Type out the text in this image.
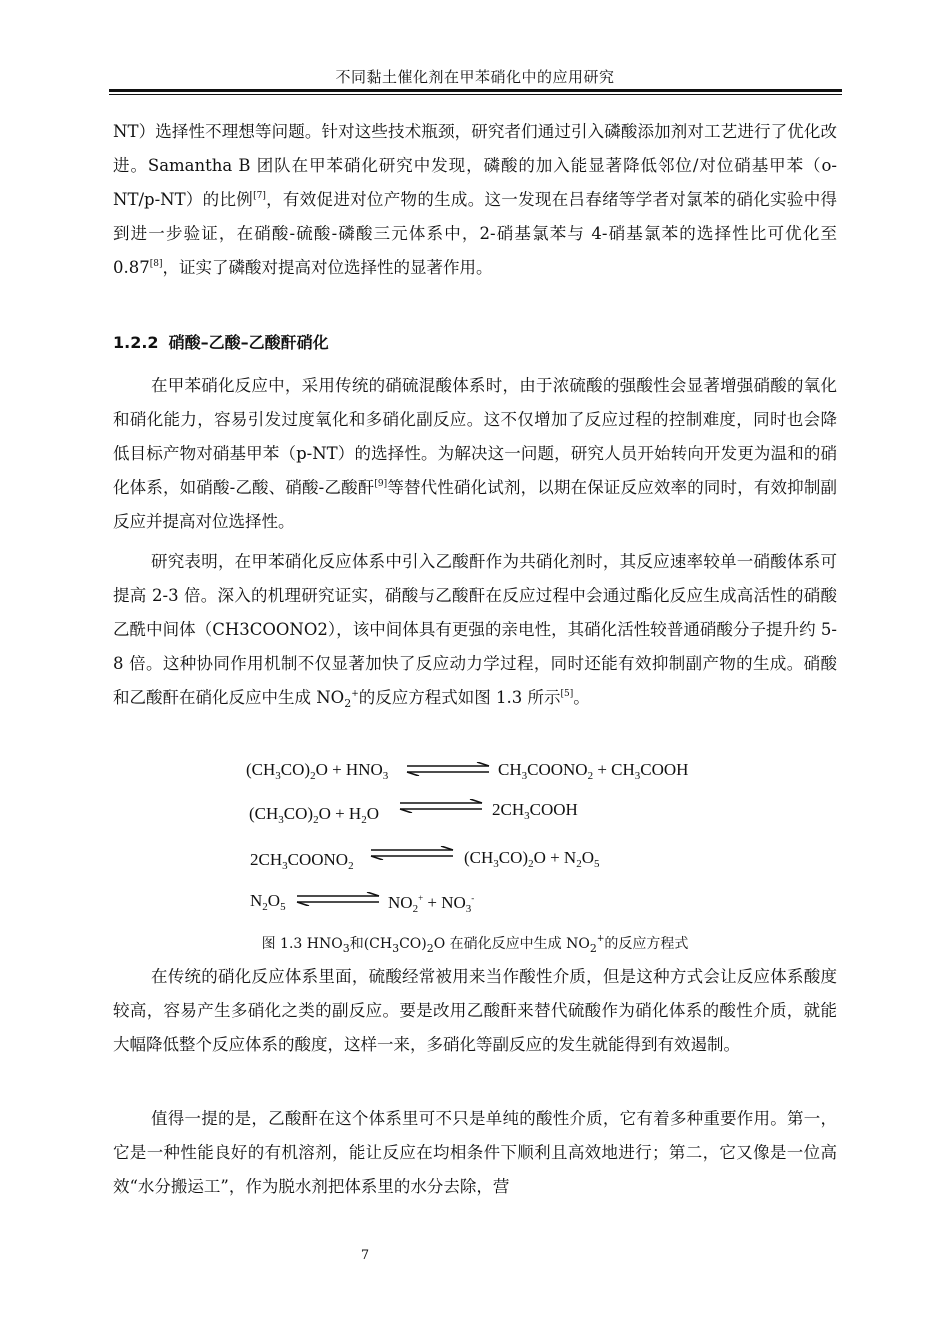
不同黏土催化剂在甲苯硝化中的应用研究

NT）选择性不理想等问题。针对这些技术瓶颈，研究者们通过引入磷酸添加剂对工艺进行了优化改进。Samantha B 团队在甲苯硝化研究中发现，磷酸的加入能显著降低邻位/对位硝基甲苯（o-NT/p-NT）的比例[7]，有效促进对位产物的生成。这一发现在吕春绪等学者对氯苯的硝化实验中得到进一步验证，在硝酸-硫酸-磷酸三元体系中，2-硝基氯苯与 4-硝基氯苯的选择性比可优化至 0.87[8]，证实了磷酸对提高对位选择性的显著作用。

1.2.2 硝酸–乙酸–乙酸酐硝化

在甲苯硝化反应中，采用传统的硝硫混酸体系时，由于浓硫酸的强酸性会显著增强硝酸的氧化和硝化能力，容易引发过度氧化和多硝化副反应。这不仅增加了反应过程的控制难度，同时也会降低目标产物对硝基甲苯（p-NT）的选择性。为解决这一问题，研究人员开始转向开发更为温和的硝化体系，如硝酸-乙酸、硝酸-乙酸酐[9]等替代性硝化试剂，以期在保证反应效率的同时，有效抑制副反应并提高对位选择性。

研究表明，在甲苯硝化反应体系中引入乙酸酐作为共硝化剂时，其反应速率较单一硝酸体系可提高 2-3 倍。深入的机理研究证实，硝酸与乙酸酐在反应过程中会通过酯化反应生成高活性的硝酸乙酰中间体（CH3COONO2），该中间体具有更强的亲电性，其硝化活性较普通硝酸分子提升约 5-8 倍。这种协同作用机制不仅显著加快了反应动力学过程，同时还能有效抑制副产物的生成。硝酸和乙酸酐在硝化反应中生成 $NO_2^+$的反应方程式如图 1.3 所示[5]。

$(CH_3CO)_2O + HNO_3$	$CH_3COONO_2$ + $CH_3COOH$
$(CH_3CO)_2O + H_2O$	$2CH_3COOH$
$2CH_3COONO_2$	$(CH_3CO)_2O + N_2O_5$
$N_2O_5$	$NO_2^+ + NO_3^-$
图 1.3 $HNO_3$和$(CH_3CO)_2O$ 在硝化反应中生成 $NO_2^+$的反应方程式

在传统的硝化反应体系里面，硫酸经常被用来当作酸性介质，但是这种方式会让反应体系酸度较高，容易产生多硝化之类的副反应。要是改用乙酸酐来替代硫酸作为硝化体系的酸性介质，就能大幅降低整个反应体系的酸度，这样一来，多硝化等副反应的发生就能得到有效遏制。

值得一提的是，乙酸酐在这个体系里可不只是单纯的酸性介质，它有着多种重要作用。第一，它是一种性能良好的有机溶剂，能让反应在均相条件下顺利且高效地进行；第二，它又像是一位高效“水分搬运工”，作为脱水剂把体系里的水分去除，营

7
